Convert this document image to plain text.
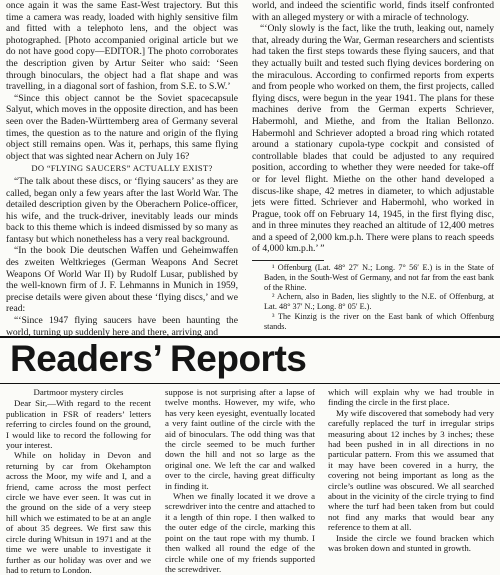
once again it was the same East-West trajectory. But this time a camera was ready, loaded with highly sensitive film and fitted with a telephoto lens, and the object was photographed. [Photo accompanied original article but we do not have good copy—EDITOR.] The photo corroborates the description given by Artur Seiter who said: ‘Seen through binoculars, the object had a flat shape and was travelling, in a diagonal sort of fashion, from S.E. to S.W.’

“Since this object cannot be the Soviet spacecapsule Salyut, which moves in the opposite direction, and has been seen over the Baden-Württemberg area of Germany several times, the question as to the nature and origin of the flying object still remains open. Was it, perhaps, this same flying object that was sighted near Achern on July 16?

DO “FLYING SAUCERS” ACTUALLY EXIST?

“The talk about these discs, or ‘flying saucers’ as they are called, began only a few years after the last World War. The detailed description given by the Oberachern Police-officer, his wife, and the truck-driver, inevitably leads our minds back to this theme which is indeed dismissed by so many as fantasy but which nonetheless has a very real background.

“In the book Die deutschen Waffen und Geheimwaffen des zweiten Weltkrieges (German Weapons And Secret Weapons Of World War II) by Rudolf Lusar, published by the well-known firm of J. F. Lehmanns in Munich in 1959, precise details were given about these ‘flying discs,’ and we read:

“‘Since 1947 flying saucers have been haunting the world, turning up suddenly here and there, arriving and

world, and indeed the scientific world, finds itself confronted with an alleged mystery or with a miracle of technology.

“‘Only slowly is the fact, like the truth, leaking out, namely that, already during the War, German researchers and scientists had taken the first steps towards these flying saucers, and that they actually built and tested such flying devices bordering on the miraculous. According to confirmed reports from experts and from people who worked on them, the first projects, called flying discs, were begun in the year 1941. The plans for these machines derive from the German experts Schriever, Habermohl, and Miethe, and from the Italian Bellonzo. Habermohl and Schriever adopted a broad ring which rotated around a stationary cupola-type cockpit and consisted of controllable blades that could be adjusted to any required position, according to whether they were needed for take-off or for level flight. Miethe on the other hand developed a discus-like shape, 42 metres in diameter, to which adjustable jets were fitted. Schriever and Habermohl, who worked in Prague, took off on February 14, 1945, in the first flying disc, and in three minutes they reached an altitude of 12,400 metres and a speed of 2,000 km.p.h. There were plans to reach speeds of 4,000 km.p.h.’ ”

¹ Offenburg (Lat. 48° 27′ N.; Long. 7° 56′ E.) is in the State of Baden, in the South-West of Germany, and not far from the east bank of the Rhine.

² Achern, also in Baden, lies slightly to the N.E. of Offenburg, at Lat. 48° 37′ N.; Long. 8° 05′ E.).

³ The Kinzig is the river on the East bank of which Offenburg stands.

Readers’ Reports
Dartmoor mystery circles

Dear Sir,—With regard to the recent publication in FSR of readers’ letters referring to circles found on the ground, I would like to record the following for your interest.

While on holiday in Devon and returning by car from Okehampton across the Moor, my wife and I, and a friend, came across the most perfect circle we have ever seen. It was cut in the ground on the side of a very steep hill which we estimated to be at an angle of about 35 degrees. We first saw this circle during Whitsun in 1971 and at the time we were unable to investigate it further as our holiday was over and we had to return to London.

suppose is not surprising after a lapse of twelve months. However, my wife, who has very keen eyesight, eventually located a very faint outline of the circle with the aid of binoculars. The odd thing was that the circle seemed to be much further down the hill and not so large as the original one. We left the car and walked over to the circle, having great difficulty in finding it.

When we finally located it we drove a screwdriver into the centre and attached to it a length of thin rope. I then walked to the outer edge of the circle, marking this point on the taut rope with my thumb. I then walked all round the edge of the circle while one of my friends supported the screwdriver.

which will explain why we had trouble in finding the circle in the first place.

My wife discovered that somebody had very carefully replaced the turf in irregular strips measuring about 12 inches by 3 inches; these had been pushed in in all directions in no particular pattern. From this we assumed that it may have been covered in a hurry, the covering not being important as long as the circle’s outline was obscured. We all searched about in the vicinity of the circle trying to find where the turf had been taken from but could not find any marks that would bear any reference to them at all.

Inside the circle we found bracken which was broken down and stunted in growth.
